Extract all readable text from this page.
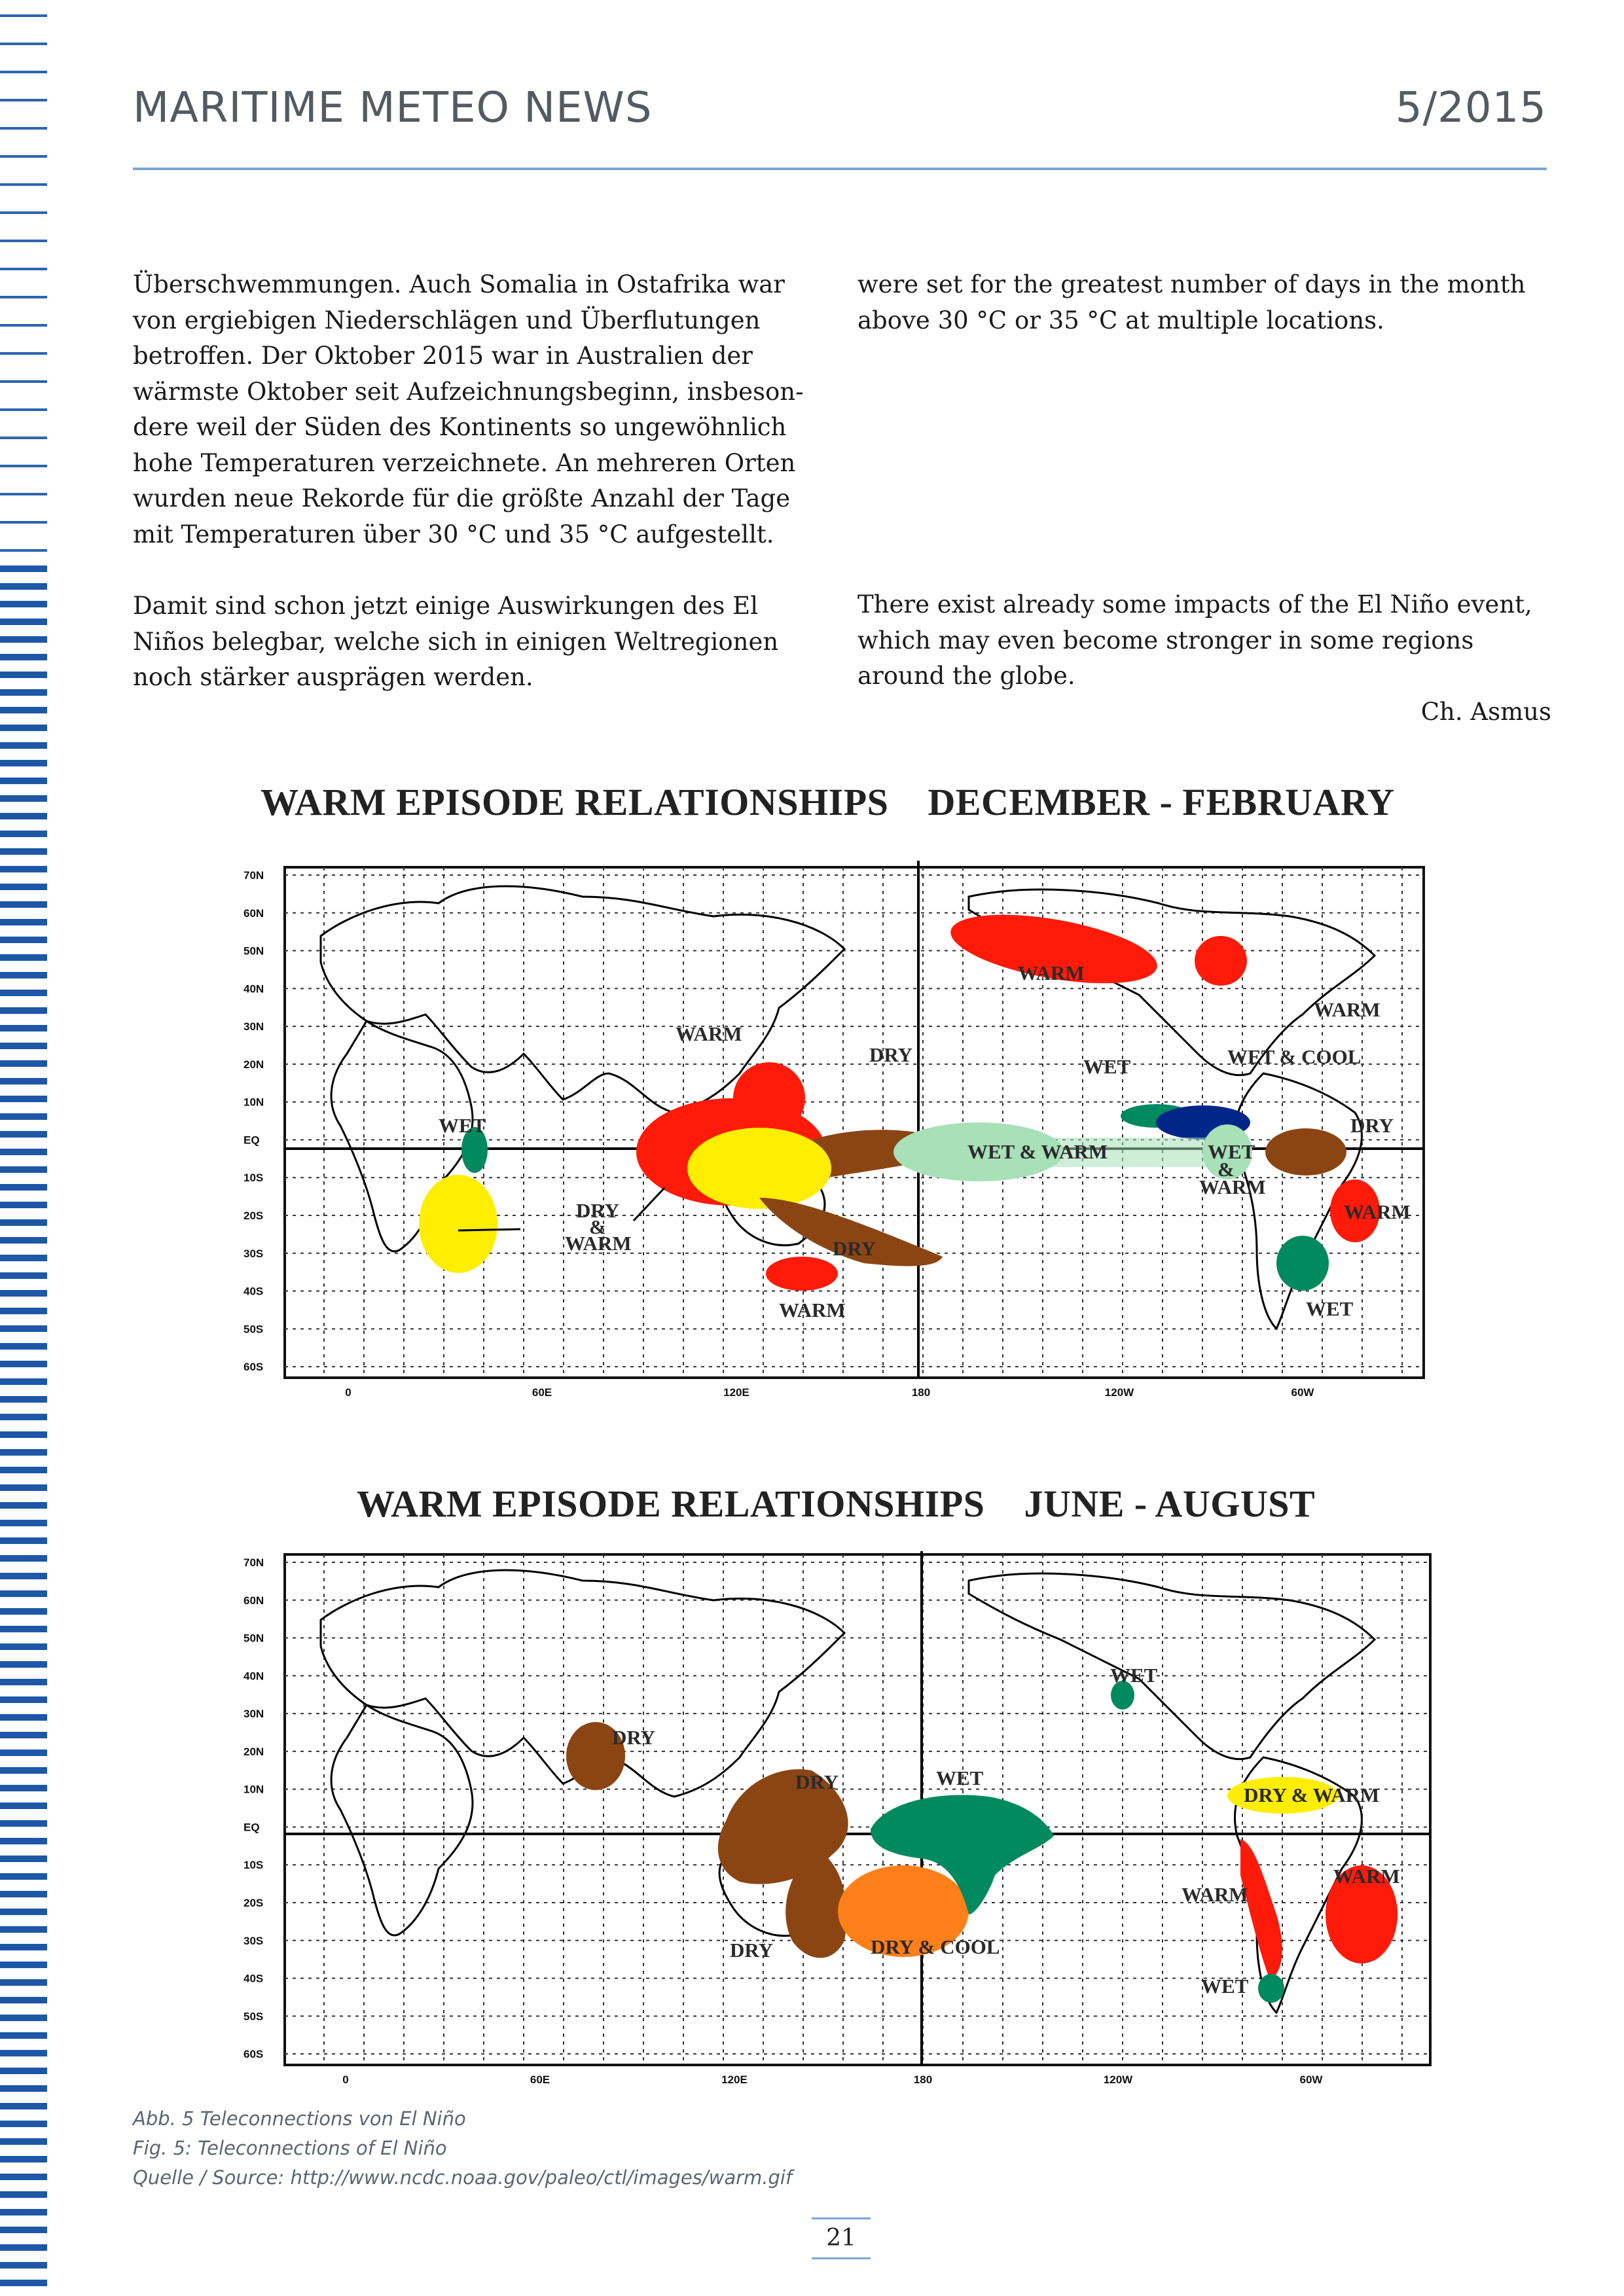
MARITIME METEO NEWS	5/2015

Überschwemmungen. Auch Somalia in Ostafrika war
von ergiebigen Niederschlägen und Überflutungen
betroffen. Der Oktober 2015 war in Australien der
wärmste Oktober seit Aufzeichnungsbeginn, insbeson-
dere weil der Süden des Kontinents so ungewöhnlich
hohe Temperaturen verzeichnete. An mehreren Orten
wurden neue Rekorde für die größte Anzahl der Tage
mit Temperaturen über 30 °C und 35 °C aufgestellt.

Damit sind schon jetzt einige Auswirkungen des El
Niños belegbar, welche sich in einigen Weltregionen
noch stärker ausprägen werden.

were set for the greatest number of days in the month
above 30 °C or 35 °C at multiple locations.

There exist already some impacts of the El Niño event,
which may even become stronger in some regions
around the globe.

Ch. Asmus

WARM EPISODE RELATIONSHIPS DECEMBER - FEBRUARY
WARM
WARM
DRY
WET	WET & COOL
WARM
WET
DRY
&
WARM
WET & WARM	WET
&
WARM
DRY
WARM
DRY
WARM	WET
70N
60N
50N
40N
30N
20N
10N
EQ
10S
20S
30S
40S
50S
60S
0	60E	120E	180	120W	60W
WARM EPISODE RELATIONSHIPS JUNE - AUGUST
DRY
DRY	WET
WET
DRY & WARM
WARM
WARM
DRY	DRY & COOL
WET
70N
60N
50N
40N
30N
20N
10N
EQ
10S
20S
30S
40S
50S
60S
0	60E	120E	180	120W	60W
Abb. 5 Teleconnections von El Niño
Fig. 5: Teleconnections of El Niño
Quelle / Source: http://www.ncdc.noaa.gov/paleo/ctl/images/warm.gif
21
